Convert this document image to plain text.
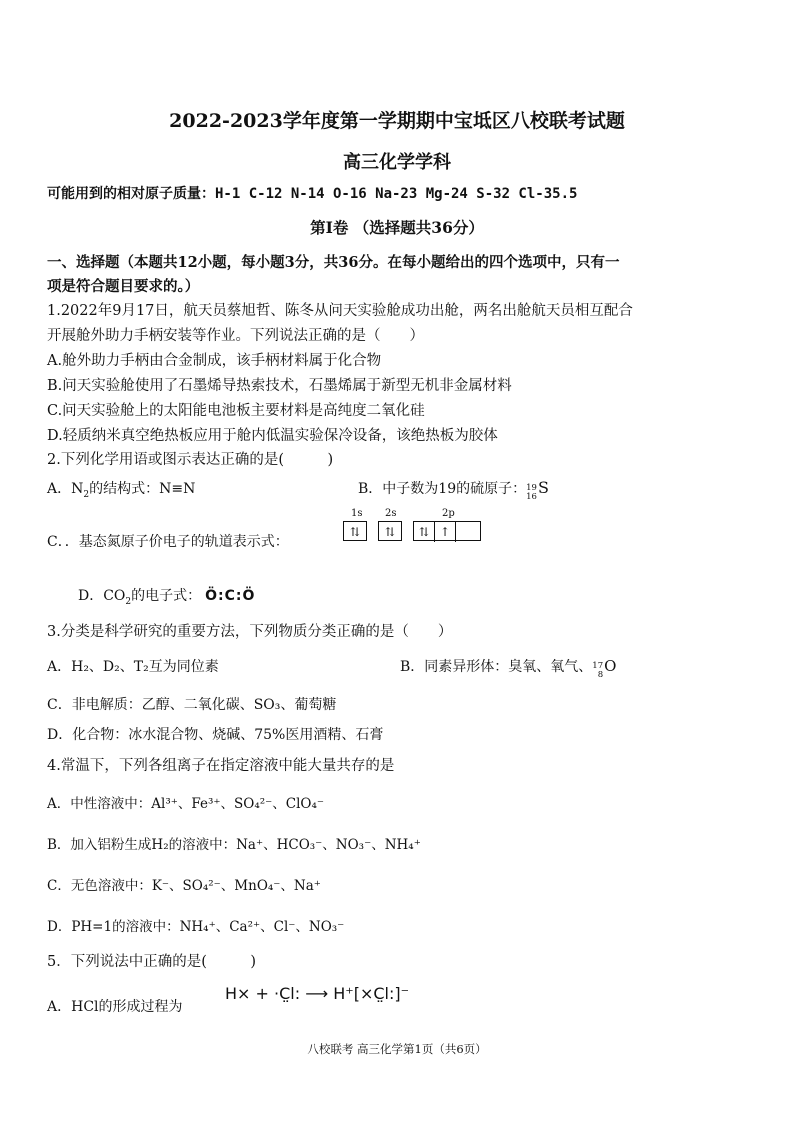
2022-2023学年度第一学期期中宝坻区八校联考试题
高三化学学科
可能用到的相对原子质量：H-1 C-12 N-14 O-16 Na-23 Mg-24 S-32 Cl-35.5
第Ⅰ卷 （选择题共36分）
一、选择题（本题共12小题，每小题3分，共36分。在每小题给出的四个选项中，只有一
项是符合题目要求的。）
1.2022年9月17日，航天员蔡旭哲、陈冬从问天实验舱成功出舱，两名出舱航天员相互配合
开展舱外助力手柄安装等作业。下列说法正确的是（　　）
A.舱外助力手柄由合金制成，该手柄材料属于化合物
B.问天实验舱使用了石墨烯导热索技术，石墨烯属于新型无机非金属材料
C.问天实验舱上的太阳能电池板主要材料是高纯度二氧化硅
D.轻质纳米真空绝热板应用于舱内低温实验保冷设备，该绝热板为胶体
2.下列化学用语或图示表达正确的是(　　　)
A．$N_2$的结构式：N≡N	B．中子数为19的硫原子：19
16S
C．．基态氮原子价电子的轨道表示式：
1s 2s	2p
⇅	⇅	⇅ ↑
D．$CO_2$的电子式： Ö꞉C꞉Ö
3.分类是科学研究的重要方法，下列物质分类正确的是（　　）
A．H₂、D₂、T₂互为同位素	B．同素异形体：臭氧、氧气、17
8O
C．非电解质：乙醇、二氧化碳、SO₃、葡萄糖
D．化合物：冰水混合物、烧碱、75%医用酒精、石膏
4.常温下，下列各组离子在指定溶液中能大量共存的是
A．中性溶液中：Al³⁺、Fe³⁺、SO₄²⁻、ClO₄⁻
B．加入铝粉生成H₂的溶液中：Na⁺、HCO₃⁻、NO₃⁻、NH₄⁺
C．无色溶液中：K⁻、SO₄²⁻、MnO₄⁻、Na⁺
D．PH=1的溶液中：NH₄⁺、Ca²⁺、Cl⁻、NO₃⁻
5．下列说法中正确的是(　　　)
A．HCl的形成过程为
H× + ·C̤l꞉ ⟶ H⁺[×C̤l꞉]⁻
八校联考 高三化学第1页（共6页）
